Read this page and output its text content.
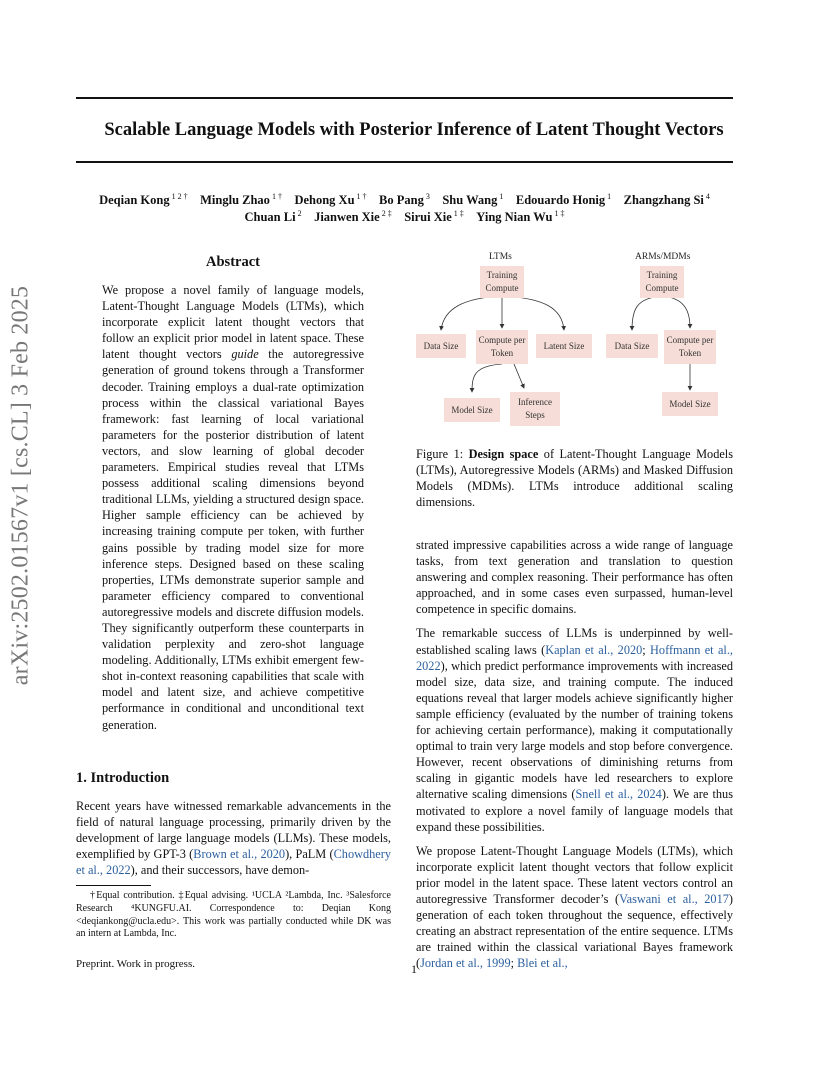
Scalable Language Models with Posterior Inference of Latent Thought Vectors
Deqian Kong $^{1 2 \dagger}$  Minglu Zhao $^{1 \dagger}$  Dehong Xu $^{1 \dagger}$  Bo Pang $^3$  Shu Wang $^1$  Edouardo Honig $^1$  Zhangzhang Si $^4$
Chuan Li $^2$  Jianwen Xie $^{2 \ddagger}$  Sirui Xie $^{1 \ddagger}$  Ying Nian Wu $^{1 \ddagger}$
arXiv:2502.01567v1 [cs.CL] 3 Feb 2025
Abstract

We propose a novel family of language models, Latent-Thought Language Models (LTMs), which incorporate explicit latent thought vectors that follow an explicit prior model in latent space. These latent thought vectors guide the autoregressive generation of ground tokens through a Transformer decoder. Training employs a dual-rate optimization process within the classical variational Bayes framework: fast learning of local variational parameters for the posterior distribution of latent vectors, and slow learning of global decoder parameters. Empirical studies reveal that LTMs possess additional scaling dimensions beyond traditional LLMs, yielding a structured design space. Higher sample efficiency can be achieved by increasing training compute per token, with further gains possible by trading model size for more inference steps. Designed based on these scaling properties, LTMs demonstrate superior sample and parameter efficiency compared to conventional autoregressive models and discrete diffusion models. They significantly outperform these counterparts in validation perplexity and zero-shot language modeling. Additionally, LTMs exhibit emergent few-shot in-context reasoning capabilities that scale with model and latent size, and achieve competitive performance in conditional and unconditional text generation.

1. Introduction

Recent years have witnessed remarkable advancements in the field of natural language processing, primarily driven by the development of large language models (LLMs). These models, exemplified by GPT-3 (Brown et al., 2020), PaLM (Chowdhery et al., 2022), and their successors, have demon-

†Equal contribution. ‡Equal advising. ¹UCLA ²Lambda, Inc. ³Salesforce Research ⁴KUNGFU.AI. Correspondence to: Deqian Kong <deqiankong@ucla.edu>. This work was partially conducted while DK was an intern at Lambda, Inc.

Preprint. Work in progress.	1
LTMs	ARMs/MDMs
Training Compute
Data Size
Compute per Token
Latent Size
Model Size
Inference Steps
Training Compute
Data Size
Compute per Token
Model Size

Figure 1: Design space of Latent-Thought Language Models (LTMs), Autoregressive Models (ARMs) and Masked Diffusion Models (MDMs). LTMs introduce additional scaling dimensions.

strated impressive capabilities across a wide range of language tasks, from text generation and translation to question answering and complex reasoning. Their performance has often approached, and in some cases even surpassed, human-level competence in specific domains.

The remarkable success of LLMs is underpinned by well-established scaling laws (Kaplan et al., 2020; Hoffmann et al., 2022), which predict performance improvements with increased model size, data size, and training compute. The induced equations reveal that larger models achieve significantly higher sample efficiency (evaluated by the number of training tokens for achieving certain performance), making it computationally optimal to train very large models and stop before convergence. However, recent observations of diminishing returns from scaling in gigantic models have led researchers to explore alternative scaling dimensions (Snell et al., 2024). We are thus motivated to explore a novel family of language models that expand these possibilities.

We propose Latent-Thought Language Models (LTMs), which incorporate explicit latent thought vectors that follow explicit prior model in the latent space. These latent vectors control an autoregressive Transformer decoder’s (Vaswani et al., 2017) generation of each token throughout the sequence, effectively creating an abstract representation of the entire sequence. LTMs are trained within the classical variational Bayes framework (Jordan et al., 1999; Blei et al.,
